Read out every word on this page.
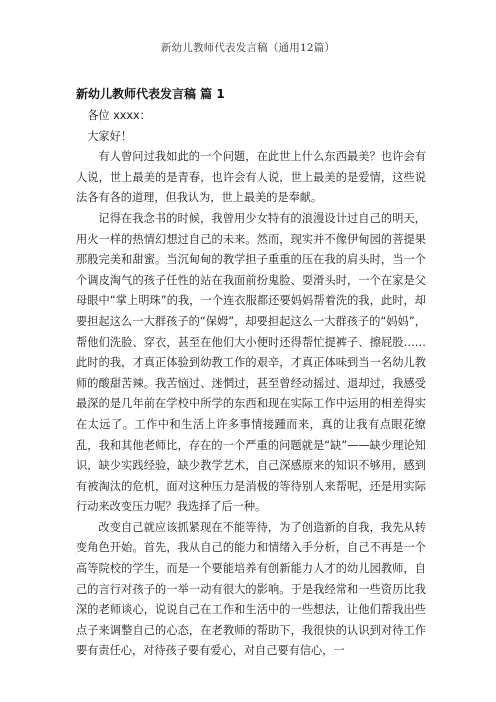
新幼儿教师代表发言稿（通用12篇）
新幼儿教师代表发言稿 篇 1

各位 xxxx：

大家好！

有人曾问过我如此的一个问题，在此世上什么东西最美？也许会有人说，世上最美的是青春，也许会有人说，世上最美的是爱情，这些说法各有各的道理，但我认为，世上最美的是奉献。

记得在我念书的时候，我曾用少女特有的浪漫设计过自己的明天，用火一样的热情幻想过自己的未来。然而，现实并不像伊甸园的菩提果那般完美和甜蜜。当沉甸甸的教学担子重重的压在我的肩头时，当一个个调皮淘气的孩子任性的站在我面前扮鬼脸、耍滑头时，一个在家是父母眼中“掌上明珠”的我，一个连衣服都还要妈妈帮着洗的我，此时，却要担起这么一大群孩子的“保姆”，却要担起这么一大群孩子的“妈妈”，帮他们洗脸、穿衣，甚至在他们大小便时还得帮忙提裤子、擦屁股……此时的我，才真正体验到幼教工作的艰辛，才真正体味到当一名幼儿教师的酸甜苦辣。我苦恼过、迷惘过，甚至曾经动摇过、退却过，我感受最深的是几年前在学校中所学的东西和现在实际工作中运用的相差得实在太远了。工作中和生活上许多事情接踵而来，真的让我有点眼花缭乱，我和其他老师比，存在的一个严重的问题就是“缺”——缺少理论知识，缺少实践经验，缺少教学艺术，自己深感原来的知识不够用，感到有被淘汰的危机，面对这种压力是消极的等待别人来帮呢，还是用实际行动来改变压力呢？我选择了后一种。

改变自己就应该抓紧现在不能等待，为了创造新的自我，我先从转变角色开始。首先，我从自己的能力和情绪入手分析，自己不再是一个高等院校的学生，而是一个要能培养有创新能力人才的幼儿园教师，自己的言行对孩子的一举一动有很大的影响。于是我经常和一些资历比我深的老师谈心，说说自己在工作和生活中的一些想法，让他们帮我出些点子来调整自己的心态，在老教师的帮助下，我很快的认识到对待工作要有责任心，对待孩子要有爱心，对自己要有信心，一
